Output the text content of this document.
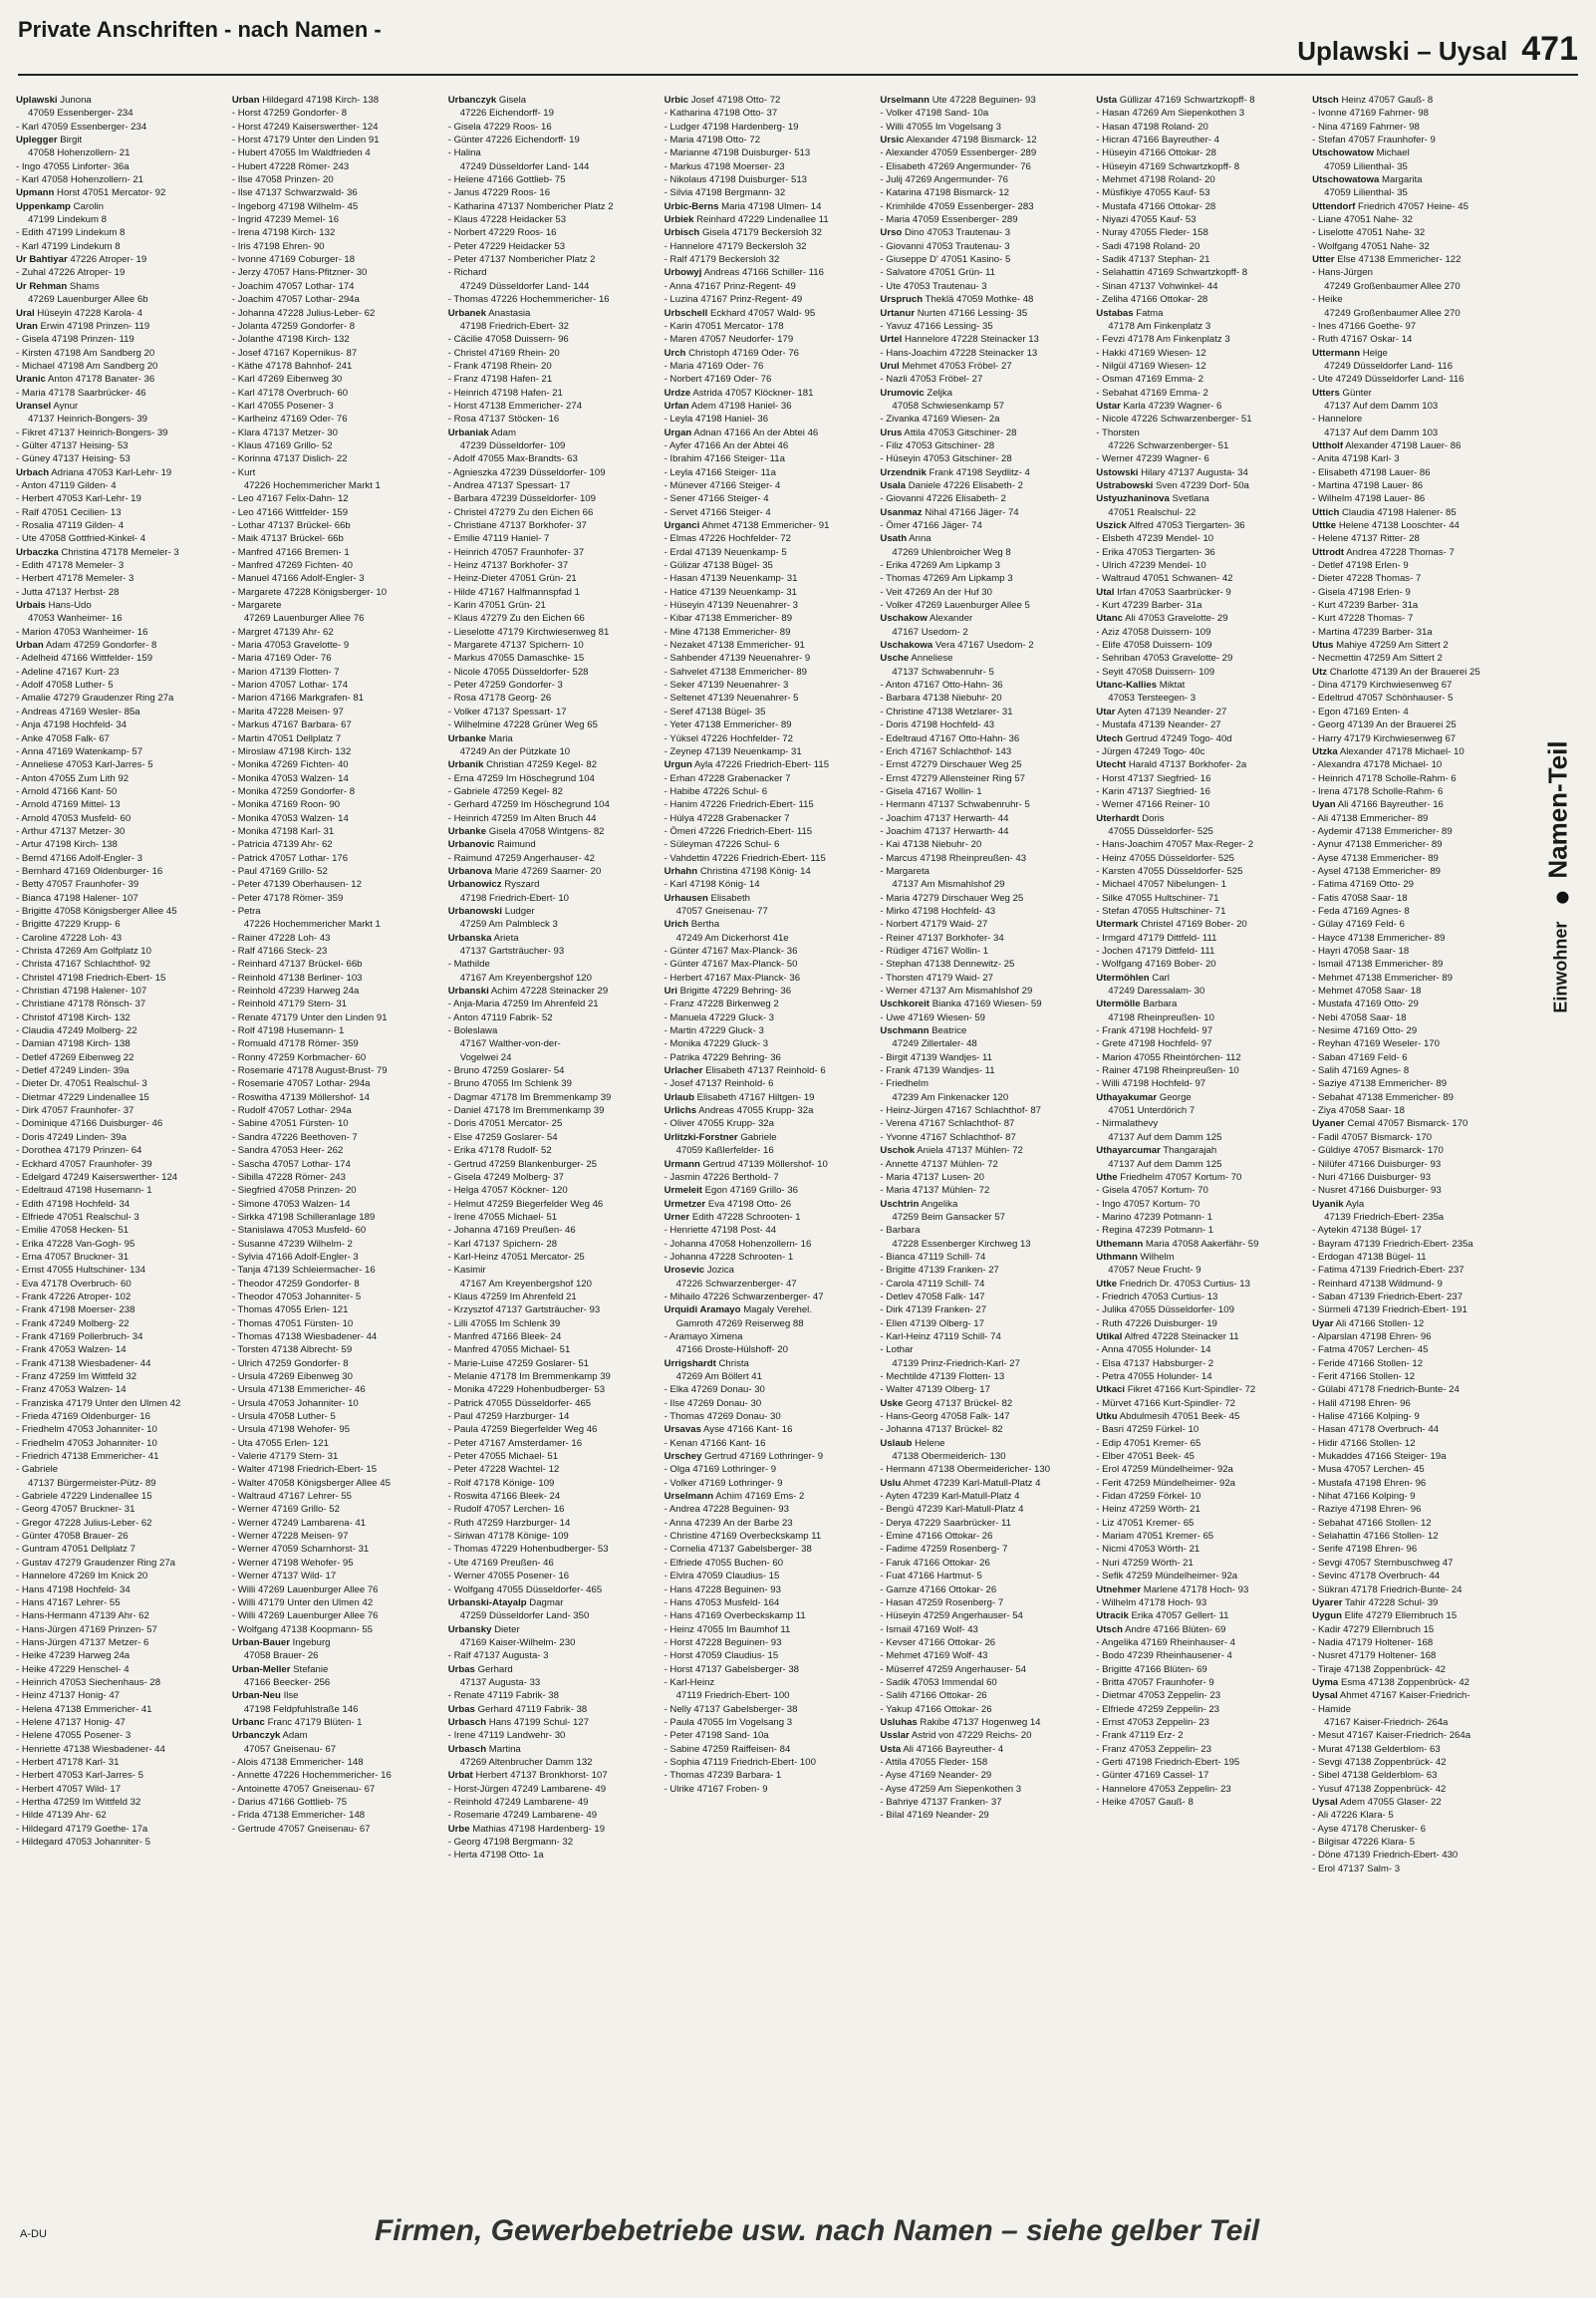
Private Anschriften - nach Namen -
Uplawski – Uysal 471
Uplawski Junona
47059 Essenberger- 234
- Karl 47059 Essenberger- 234
Uplegger Birgit
47058 Hohenzollern- 21
- Ingo 47055 Linforter- 36a
- Karl 47058 Hohenzollern- 21
Upmann Horst 47051 Mercator- 92
Uppenkamp Carolin
47199 Lindekum 8
- Edith 47199 Lindekum 8
- Karl 47199 Lindekum 8
Ur Bahtiyar 47226 Atroper- 19
- Zuhal 47226 Atroper- 19
Ur Rehman Shams
47269 Lauenburger Allee 6b
Ural Hüseyin 47228 Karola- 4
Uran Erwin 47198 Prinzen- 119
- Gisela 47198 Prinzen- 119
- Kirsten 47198 Am Sandberg 20
- Michael 47198 Am Sandberg 20
Uranic Anton 47178 Banater- 36
- Maria 47178 Saarbrücker- 46
Uransel Aynur
47137 Heinrich-Bongers- 39
- Fikret 47137 Heinrich-Bongers- 39
- Gülter 47137 Heising- 53
- Güney 47137 Heising- 53
Urbach Adriana 47053 Karl-Lehr- 19
- Anton 47119 Gilden- 4
- Herbert 47053 Karl-Lehr- 19
- Ralf 47051 Cecilien- 13
- Rosalia 47119 Gilden- 4
- Ute 47058 Gottfried-Kinkel- 4
Urbaczka Christina 47178 Memeler- 3
- Edith 47178 Memeler- 3
- Herbert 47178 Memeler- 3
- Jutta 47137 Herbst- 28
Urbais Hans-Udo
47053 Wanheimer- 16
- Marion 47053 Wanheimer- 16
Urban Adam 47259 Gondorfer- 8
- Adelheid 47166 Wittfelder- 159
- Adeline 47167 Kurt- 23
- Adolf 47058 Luther- 5
- Amalie 47279 Graudenzer Ring 27a
- Andreas 47169 Wesler- 85a
- Anja 47198 Hochfeld- 34
- Anke 47058 Falk- 67
- Anna 47169 Watenkamp- 57
- Anneliese 47053 Karl-Jarres- 5
- Anton 47055 Zum Lith 92
- Arnold 47166 Kant- 50
- Arnold 47169 Mittel- 13
- Arnold 47053 Musfeld- 60
- Arthur 47137 Metzer- 30
- Artur 47198 Kirch- 138
- Bernd 47166 Adolf-Engler- 3
- Bernhard 47169 Oldenburger- 16
- Betty 47057 Fraunhofer- 39
- Bianca 47198 Halener- 107
- Brigitte 47058 Königsberger Allee 45
- Brigitte 47229 Krupp- 6
- Caroline 47228 Loh- 43
- Christa 47269 Am Golfplatz 10
- Christa 47167 Schlachthof- 92
- Christel 47198 Friedrich-Ebert- 15
- Christian 47198 Halener- 107
- Christiane 47178 Rönsch- 37
- Christof 47198 Kirch- 132
- Claudia 47249 Molberg- 22
- Damian 47198 Kirch- 138
- Detlef 47269 Eibenweg 22
- Detlef 47249 Linden- 39a
- Dieter Dr. 47051 Realschul- 3
- Dietmar 47229 Lindenallee 15
- Dirk 47057 Fraunhofer- 37
- Dominique 47166 Duisburger- 46
- Doris 47249 Linden- 39a
- Dorothea 47179 Prinzen- 64
- Eckhard 47057 Fraunhofer- 39
- Edelgard 47249 Kaiserswerther- 124
- Edeltraud 47198 Husemann- 1
- Edith 47198 Hochfeld- 34
- Elfriede 47051 Realschul- 3
- Emilie 47058 Hecken- 51
- Erika 47228 Van-Gogh- 95
- Erna 47057 Bruckner- 31
- Ernst 47055 Hultschiner- 134
- Eva 47178 Overbruch- 60
- Frank 47226 Atroper- 102
- Frank 47198 Moerser- 238
- Frank 47249 Molberg- 22
- Frank 47169 Pollerbruch- 34
- Frank 47053 Walzen- 14
- Frank 47138 Wiesbadener- 44
- Franz 47259 Im Wittfeld 32
- Franz 47053 Walzen- 14
- Franziska 47179 Unter den Ulmen 42
- Frieda 47169 Oldenburger- 16
- Friedhelm 47053 Johanniter- 10
- Friedhelm 47053 Johanniter- 10
- Friedrich 47138 Emmericher- 41
- Gabriele
47137 Bürgermeister-Pütz- 89
- Gabriele 47229 Lindenallee 15
- Georg 47057 Bruckner- 31
- Gregor 47228 Julius-Leber- 62
- Günter 47058 Brauer- 26
- Guntram 47051 Dellplatz 7
- Gustav 47279 Graudenzer Ring 27a
- Hannelore 47269 Im Knick 20
- Hans 47198 Hochfeld- 34
- Hans 47167 Lehrer- 55
- Hans-Hermann 47139 Ahr- 62
- Hans-Jürgen 47169 Prinzen- 57
- Hans-Jürgen 47137 Metzer- 6
- Heike 47239 Harweg 24a
- Heike 47229 Henschel- 4
- Heinrich 47053 Siechenhaus- 28
- Heinz 47137 Honig- 47
- Helena 47138 Emmericher- 41
- Helene 47137 Honig- 47
- Helene 47055 Posener- 3
- Henriette 47138 Wiesbadener- 44
- Herbert 47178 Karl- 31
- Herbert 47053 Karl-Jarres- 5
- Herbert 47057 Wild- 17
- Hertha 47259 Im Wittfeld 32
- Hilde 47139 Ahr- 62
- Hildegard 47179 Goethe- 17a
- Hildegard 47053 Johanniter- 5
Urban Hildegard 47198 Kirch- 138
- Horst 47259 Gondorfer- 8
- Horst 47249 Kaiserswerther- 124
- Horst 47179 Unter den Linden 91
- Hubert 47055 Im Waldfrieden 4
- Hubert 47228 Römer- 243
- Ilse 47058 Prinzen- 20
- Ilse 47137 Schwarzwald- 36
- Ingeborg 47198 Wilhelm- 45
- Ingrid 47239 Memel- 16
- Irena 47198 Kirch- 132
- Iris 47198 Ehren- 90
- Ivonne 47169 Coburger- 18
- Jerzy 47057 Hans-Pfitzner- 30
- Joachim 47057 Lothar- 174
- Joachim 47057 Lothar- 294a
- Johanna 47228 Julius-Leber- 62
- Jolanta 47259 Gondorfer- 8
- Jolanthe 47198 Kirch- 132
- Josef 47167 Kopernikus- 87
- Käthe 47178 Bahnhof- 241
- Karl 47269 Eibenweg 30
- Karl 47178 Overbruch- 60
- Karl 47055 Posener- 3
- Karlheinz 47169 Oder- 76
- Klara 47137 Metzer- 30
- Klaus 47169 Grillo- 52
- Korinna 47137 Dislich- 22
- Kurt
47226 Hochemmericher Markt 1
- Leo 47167 Felix-Dahn- 12
- Leo 47166 Wittfelder- 159
- Lothar 47137 Brückel- 66b
- Maik 47137 Brückel- 66b
- Manfred 47166 Bremen- 1
- Manfred 47269 Fichten- 40
- Manuel 47166 Adolf-Engler- 3
- Margarete 47228 Königsberger- 10
- Margarete
47269 Lauenburger Allee 76
- Margret 47139 Ahr- 62
- Maria 47053 Gravelotte- 9
- Maria 47169 Oder- 76
- Marion 47139 Flotten- 7
- Marion 47057 Lothar- 174
- Marion 47166 Markgrafen- 81
- Marita 47228 Meisen- 97
- Markus 47167 Barbara- 67
- Martin 47051 Dellplatz 7
- Miroslaw 47198 Kirch- 132
- Monika 47269 Fichten- 40
- Monika 47053 Walzen- 14
- Monika 47259 Gondorfer- 8
- Monika 47169 Roon- 90
- Monika 47053 Walzen- 14
- Monika 47198 Karl- 31
- Patricia 47139 Ahr- 62
- Patrick 47057 Lothar- 176
- Paul 47169 Grillo- 52
- Peter 47139 Oberhausen- 12
- Peter 47178 Römer- 359
- Petra
47226 Hochemmericher Markt 1
- Rainer 47228 Loh- 43
- Ralf 47166 Steck- 23
- Reinhard 47137 Brückel- 66b
- Reinhold 47138 Berliner- 103
- Reinhold 47239 Harweg 24a
- Reinhold 47179 Stern- 31
- Renate 47179 Unter den Linden 91
- Rolf 47198 Husemann- 1
- Romuald 47178 Römer- 359
- Ronny 47259 Korbmacher- 60
- Rosemarie 47178 August-Brust- 79
- Rosemarie 47057 Lothar- 294a
- Roswitha 47139 Möllershof- 14
- Rudolf 47057 Lothar- 294a
- Sabine 47051 Fürsten- 10
- Sandra 47226 Beethoven- 7
- Sandra 47053 Heer- 262
- Sascha 47057 Lothar- 174
- Sibilla 47228 Römer- 243
- Siegfried 47058 Prinzen- 20
- Simone 47053 Walzen- 14
- Sirkka 47198 Schilleranlage 189
- Stanislawa 47053 Musfeld- 60
- Susanne 47239 Wilhelm- 2
- Sylvia 47166 Adolf-Engler- 3
- Tanja 47139 Schleiermacher- 16
- Theodor 47259 Gondorfer- 8
- Theodor 47053 Johanniter- 5
- Thomas 47055 Erlen- 121
- Thomas 47051 Fürsten- 10
- Thomas 47138 Wiesbadener- 44
- Torsten 47138 Albrecht- 59
- Ulrich 47259 Gondorfer- 8
- Ursula 47269 Eibenweg 30
- Ursula 47138 Emmericher- 46
- Ursula 47053 Johanniter- 10
- Ursula 47058 Luther- 5
- Ursula 47198 Wehofer- 95
- Uta 47055 Erlen- 121
- Valerie 47179 Stern- 31
- Walter 47198 Friedrich-Ebert- 15
- Walter 47058 Königsberger Allee 45
- Waltraud 47167 Lehrer- 55
- Werner 47169 Grillo- 52
- Werner 47249 Lambarena- 41
- Werner 47228 Meisen- 97
- Werner 47059 Scharnhorst- 31
- Werner 47198 Wehofer- 95
- Werner 47137 Wild- 17
- Willi 47269 Lauenburger Allee 76
- Willi 47179 Unter den Ulmen 42
- Willi 47269 Lauenburger Allee 76
- Wolfgang 47138 Koopmann- 55
Urban-Bauer Ingeburg
47058 Brauer- 26
Urban-Meller Stefanie
47166 Beecker- 256
Urban-Neu Ilse
47198 Feldpfuhlstraße 146
Urbanc Franc 47179 Blüten- 1
Urbanczyk Adam
47057 Gneisenau- 67
- Alois 47138 Emmericher- 148
- Annette 47226 Hochemmericher- 16
- Antoinette 47057 Gneisenau- 67
- Darius 47166 Gottlieb- 75
- Frida 47138 Emmericher- 148
- Gertrude 47057 Gneisenau- 67
Urbanczyk Gisela
47226 Eichendorff- 19
- Gisela 47229 Roos- 16
- Günter 47226 Eichendorff- 19
- Halina
47249 Düsseldorfer Land- 144
- Helene 47166 Gottlieb- 75
- Janus 47229 Roos- 16
- Katharina 47137 Nombericher Platz 2
- Klaus 47228 Heidacker 53
- Norbert 47229 Roos- 16
- Peter 47229 Heidacker 53
- Peter 47137 Nombericher Platz 2
- Richard
47249 Düsseldorfer Land- 144
- Thomas 47226 Hochemmericher- 16
Urbanek Anastasia
47198 Friedrich-Ebert- 32
- Cäcilie 47058 Duissern- 96
- Christel 47169 Rhein- 20
- Frank 47198 Rhein- 20
- Franz 47198 Hafen- 21
- Heinrich 47198 Hafen- 21
- Horst 47138 Emmericher- 274
- Rosa 47137 Stöcken- 16
Urbaniak Adam
47239 Düsseldorfer- 109
- Adolf 47055 Max-Brandts- 63
- Agnieszka 47239 Düsseldorfer- 109
- Andrea 47137 Spessart- 17
- Barbara 47239 Düsseldorfer- 109
- Christel 47279 Zu den Eichen 66
- Christiane 47137 Borkhofer- 37
- Emilie 47119 Haniel- 7
- Heinrich 47057 Fraunhofer- 37
- Heinz 47137 Borkhofer- 37
- Heinz-Dieter 47051 Grün- 21
- Hilde 47167 Halfmannspfad 1
- Karin 47051 Grün- 21
- Klaus 47279 Zu den Eichen 66
- Lieselotte 47179 Kirchwiesenweg 81
- Margarete 47137 Spichern- 10
- Markus 47055 Damaschke- 15
- Nicole 47055 Düsseldorfer- 528
- Peter 47259 Gondorfer- 3
- Rosa 47178 Georg- 26
- Volker 47137 Spessart- 17
- Wilhelmine 47228 Grüner Weg 65
Urbanke Maria
47249 An der Pützkate 10
Urbanik Christian 47259 Kegel- 82
- Erna 47259 Im Höschegrund 104
- Gabriele 47259 Kegel- 82
- Gerhard 47259 Im Höschegrund 104
- Heinrich 47259 Im Alten Bruch 44
Urbanke Gisela 47058 Wintgens- 82
Urbanovic Raimund
- Raimund 47259 Angerhauser- 42
Urbanova Marie 47269 Saarner- 20
Urbanowicz Ryszard
47198 Friedrich-Ebert- 10
Urbanowski Ludger
47259 Am Palmbleck 3
Urbanska Arieta
47137 Gartsträucher- 93
- Mathilde
47167 Am Kreyenbergshof 120
Urbanski Achim 47228 Steinacker 29
- Anja-Maria 47259 Im Ahrenfeld 21
- Anton 47119 Fabrik- 52
- Boleslawa
47167 Walther-von-der-
Vogelwei 24
- Bruno 47259 Goslarer- 54
- Bruno 47055 Im Schlenk 39
- Dagmar 47178 Im Bremmenkamp 39
- Daniel 47178 Im Bremmenkamp 39
- Doris 47051 Mercator- 25
- Else 47259 Goslarer- 54
- Erika 47178 Rudolf- 52
- Gertrud 47259 Blankenburger- 25
- Gisela 47249 Molberg- 37
- Helga 47057 Köckner- 120
- Helmut 47259 Biegerfelder Weg 46
- Irene 47055 Michael- 51
- Johanna 47169 Preußen- 46
- Karl 47137 Spichern- 28
- Karl-Heinz 47051 Mercator- 25
- Kasimir
47167 Am Kreyenbergshof 120
- Klaus 47259 Im Ahrenfeld 21
- Krzysztof 47137 Gartsträucher- 93
- Lilli 47055 Im Schlenk 39
- Manfred 47166 Bleek- 24
- Manfred 47055 Michael- 51
- Marie-Luise 47259 Goslarer- 51
- Melanie 47178 Im Bremmenkamp 39
- Monika 47229 Hohenbudberger- 53
- Patrick 47055 Düsseldorfer- 465
- Paul 47259 Harzburger- 14
- Paula 47259 Biegerfelder Weg 46
- Peter 47167 Amsterdamer- 16
- Peter 47055 Michael- 51
- Peter 47228 Wachtel- 12
- Rolf 47178 Könige- 109
- Roswita 47166 Bleek- 24
- Rudolf 47057 Lerchen- 16
- Ruth 47259 Harzburger- 14
- Siriwan 47178 Könige- 109
- Thomas 47229 Hohenbudberger- 53
- Ute 47169 Preußen- 46
- Werner 47055 Posener- 16
- Wolfgang 47055 Düsseldorfer- 465
Urbanski-Atayalp Dagmar
47259 Düsseldorfer Land- 350
Urbansky Dieter
47169 Kaiser-Wilhelm- 230
- Ralf 47137 Augusta- 3
Urbas Gerhard
47137 Augusta- 33
- Renate 47119 Fabrik- 38
Urbas Gerhard 47119 Fabrik- 38
Urbasch Hans 47199 Schul- 127
- Irene 47119 Landwehr- 30
Urbasch Martina
47269 Altenbrucher Damm 132
Urbat Herbert 47137 Bronkhorst- 107
- Horst-Jürgen 47249 Lambarene- 49
- Reinhold 47249 Lambarene- 49
- Rosemarie 47249 Lambarene- 49
Urbe Mathias 47198 Hardenberg- 19
- Georg 47198 Bergmann- 32
- Herta 47198 Otto- 1a
Urbic Josef 47198 Otto- 72
- Katharina 47198 Otto- 37
- Ludger 47198 Hardenberg- 19
- Maria 47198 Otto- 72
- Marianne 47198 Duisburger- 513
- Markus 47198 Moerser- 23
- Nikolaus 47198 Duisburger- 513
- Silvia 47198 Bergmann- 32
Urbic-Berns Maria 47198 Ulmen- 14
Urbiek Reinhard 47229 Lindenallee 11
Urbisch Gisela 47179 Beckersloh 32
- Hannelore 47179 Beckersloh 32
- Ralf 47179 Beckersloh 32
Urbowyj Andreas 47166 Schiller- 116
- Anna 47167 Prinz-Regent- 49
- Luzina 47167 Prinz-Regent- 49
Urbschell Eckhard 47057 Wald- 95
- Karin 47051 Mercator- 178
- Maren 47057 Neudorfer- 179
Urch Christoph 47169 Oder- 76
- Maria 47169 Oder- 76
- Norbert 47169 Oder- 76
Urdze Astrida 47057 Klöckner- 181
Urfan Adem 47198 Haniel- 36
- Leyla 47198 Haniel- 36
Urgan Adnan 47166 An der Abtei 46
- Ayfer 47166 An der Abtei 46
- Ibrahim 47166 Steiger- 11a
- Leyla 47166 Steiger- 11a
- Münever 47166 Steiger- 4
- Sener 47166 Steiger- 4
- Servet 47166 Steiger- 4
Urganci Ahmet 47138 Emmericher- 91
- Elmas 47226 Hochfelder- 72
- Erdal 47139 Neuenkamp- 5
- Gülizar 47138 Bügel- 35
- Hasan 47139 Neuenkamp- 31
- Hatice 47139 Neuenkamp- 31
- Hüseyin 47139 Neuenahrer- 3
- Kibar 47138 Emmericher- 89
- Mine 47138 Emmericher- 89
- Nezaket 47138 Emmericher- 91
- Sahbender 47139 Neuenahrer- 9
- Sahvelet 47138 Emmericher- 89
- Seker 47139 Neuenahrer- 3
- Seltenet 47139 Neuenahrer- 5
- Seref 47138 Bügel- 35
- Yeter 47138 Emmericher- 89
- Yüksel 47226 Hochfelder- 72
- Zeynep 47139 Neuenkamp- 31
Urgun Ayla 47226 Friedrich-Ebert- 115
- Erhan 47228 Grabenacker 7
- Habibe 47226 Schul- 6
- Hanim 47226 Friedrich-Ebert- 115
- Hülya 47228 Grabenacker 7
- Ömeri 47226 Friedrich-Ebert- 115
- Süleyman 47226 Schul- 6
- Vahdettin 47226 Friedrich-Ebert- 115
Urhahn Christina 47198 König- 14
- Karl 47198 König- 14
Urhausen Elisabeth
47057 Gneisenau- 77
Urich Bertha
47249 Am Dickerhorst 41e
- Günter 47167 Max-Planck- 36
- Günter 47167 Max-Planck- 50
- Herbert 47167 Max-Planck- 36
Uri Brigitte 47229 Behring- 36
- Franz 47228 Birkenweg 2
- Manuela 47229 Gluck- 3
- Martin 47229 Gluck- 3
- Monika 47229 Gluck- 3
- Patrika 47229 Behring- 36
Urlacher Elisabeth 47137 Reinhold- 6
- Josef 47137 Reinhold- 6
Urlaub Elisabeth 47167 Hiltgen- 19
Urlichs Andreas 47055 Krupp- 32a
- Oliver 47055 Krupp- 32a
Urlitzki-Forstner Gabriele
47059 Kaßlerfelder- 16
Urmann Gertrud 47139 Möllershof- 10
- Jasmin 47226 Berthold- 7
Urmeleit Egon 47169 Grillo- 36
Urmetzer Eva 47198 Otto- 26
Urner Edith 47228 Schrooten- 1
- Henriette 47198 Post- 44
- Johanna 47058 Hohenzollern- 16
- Johanna 47228 Schrooten- 1
Urosevic Jozica
47226 Schwarzenberger- 47
- Mihailo 47226 Schwarzenberger- 47
Urquidi Aramayo Magaly Verehel.
Gamroth 47269 Reiserweg 88
- Aramayo Ximena
47166 Droste-Hülshoff- 20
Urrigshardt Christa
47269 Am Böllert 41
- Elka 47269 Donau- 30
- Ilse 47269 Donau- 30
- Thomas 47269 Donau- 30
Ursavas Ayse 47166 Kant- 16
- Kenan 47166 Kant- 16
Urschey Gertrud 47169 Lothringer- 9
- Olga 47169 Lothringer- 9
- Volker 47169 Lothringer- 9
Urselmann Achim 47169 Ems- 2
- Andrea 47228 Beguinen- 93
- Anna 47239 An der Barbe 23
- Christine 47169 Overbeckskamp 11
- Cornelia 47137 Gabelsberger- 38
- Elfriede 47055 Buchen- 60
- Elvira 47059 Claudius- 15
- Hans 47228 Beguinen- 93
- Hans 47053 Musfeld- 164
- Hans 47169 Overbeckskamp 11
- Heinz 47055 Im Baumhof 11
- Horst 47228 Beguinen- 93
- Horst 47059 Claudius- 15
- Horst 47137 Gabelsberger- 38
- Karl-Heinz
47119 Friedrich-Ebert- 100
- Nelly 47137 Gabelsberger- 38
- Paula 47055 Im Vogelsang 3
- Peter 47198 Sand- 10a
- Sabine 47259 Raiffeisen- 84
- Sophia 47119 Friedrich-Ebert- 100
- Thomas 47239 Barbara- 1
- Ulrike 47167 Froben- 9
Urselmann Ute 47228 Beguinen- 93
- Volker 47198 Sand- 10a
- Willi 47055 Im Vogelsang 3
Ursic Alexander 47198 Bismarck- 12
- Alexander 47059 Essenberger- 289
- Elisabeth 47269 Angermunder- 76
- Julij 47269 Angermunder- 76
- Katarina 47198 Bismarck- 12
- Krimhilde 47059 Essenberger- 283
- Maria 47059 Essenberger- 289
Urso Dino 47053 Trautenau- 3
- Giovanni 47053 Trautenau- 3
- Giuseppe D' 47051 Kasino- 5
- Salvatore 47051 Grün- 11
- Ute 47053 Trautenau- 3
Urspruch Theklä 47059 Mothke- 48
Urtanur Nurten 47166 Lessing- 35
- Yavuz 47166 Lessing- 35
Urtel Hannelore 47228 Steinacker 13
- Hans-Joachim 47228 Steinacker 13
Urul Mehmet 47053 Fröbel- 27
- Nazli 47053 Fröbel- 27
Urumovic Zeljka
47058 Schwiesenkamp 57
- Zivanka 47169 Wiesen- 2a
Urus Attila 47053 Gitschiner- 28
- Filiz 47053 Gitschiner- 28
- Hüseyin 47053 Gitschiner- 28
Urzendnik Frank 47198 Seydlitz- 4
Usala Daniele 47226 Elisabeth- 2
- Giovanni 47226 Elisabeth- 2
Usanmaz Nihal 47166 Jäger- 74
- Ömer 47166 Jäger- 74
Usath Anna
47269 Uhlenbroicher Weg 8
- Erika 47269 Am Lipkamp 3
- Thomas 47269 Am Lipkamp 3
- Veit 47269 An der Huf 30
- Volker 47269 Lauenburger Allee 5
Uschakow Alexander
47167 Usedom- 2
Uschakowa Vera 47167 Usedom- 2
Usche Anneliese
47137 Schwabenruhr- 5
- Anton 47167 Otto-Hahn- 36
- Barbara 47138 Niebuhr- 20
- Christine 47138 Wetzlarer- 31
- Doris 47198 Hochfeld- 43
- Edeltraud 47167 Otto-Hahn- 36
- Erich 47167 Schlachthof- 143
- Ernst 47279 Dirschauer Weg 25
- Ernst 47279 Allensteiner Ring 57
- Gisela 47167 Wollin- 1
- Hermann 47137 Schwabenruhr- 5
- Joachim 47137 Herwarth- 44
- Joachim 47137 Herwarth- 44
- Kai 47138 Niebuhr- 20
- Marcus 47198 Rheinpreußen- 43
- Margareta
47137 Am Mismahlshof 29
- Maria 47279 Dirschauer Weg 25
- Mirko 47198 Hochfeld- 43
- Norbert 47179 Waid- 27
- Reiner 47137 Borkhofer- 34
- Rüdiger 47167 Wollin- 1
- Stephan 47138 Dennewitz- 25
- Thorsten 47179 Waid- 27
- Werner 47137 Am Mismahlshof 29
Uschkoreit Bianka 47169 Wiesen- 59
- Uwe 47169 Wiesen- 59
Uschmann Beatrice
47249 Zillertaler- 48
- Birgit 47139 Wandjes- 11
- Frank 47139 Wandjes- 11
- Friedhelm
47239 Am Finkenacker 120
- Heinz-Jürgen 47167 Schlachthof- 87
- Verena 47167 Schlachthof- 87
- Yvonne 47167 Schlachthof- 87
Uschok Aniela 47137 Mühlen- 72
- Annette 47137 Mühlen- 72
- Maria 47137 Lusen- 20
- Maria 47137 Mühlen- 72
Uschtrin Angelika
47259 Beim Gansacker 57
- Barbara
47228 Essenberger Kirchweg 13
- Bianca 47119 Schill- 74
- Brigitte 47139 Franken- 27
- Carola 47119 Schill- 74
- Detlev 47058 Falk- 147
- Dirk 47139 Franken- 27
- Ellen 47139 Olberg- 17
- Karl-Heinz 47119 Schill- 74
- Lothar
47139 Prinz-Friedrich-Karl- 27
- Mechtilde 47139 Flotten- 13
- Walter 47139 Olberg- 17
Uske Georg 47137 Brückel- 82
- Hans-Georg 47058 Falk- 147
- Johanna 47137 Brückel- 82
Uslaub Helene
47138 Obermeiderich- 130
- Hermann 47138 Obermeidericher- 130
Uslu Ahmet 47239 Karl-Matull-Platz 4
- Ayten 47239 Karl-Matull-Platz 4
- Bengü 47239 Karl-Matull-Platz 4
- Derya 47229 Saarbrücker- 11
- Emine 47166 Ottokar- 26
- Fadime 47259 Rosenberg- 7
- Faruk 47166 Ottokar- 26
- Fuat 47166 Hartmut- 5
- Gamze 47166 Ottokar- 26
- Hasan 47259 Rosenberg- 7
- Hüseyin 47259 Angerhauser- 54
- Ismail 47169 Wolf- 43
- Kevser 47166 Ottokar- 26
- Mehmet 47169 Wolf- 43
- Müserref 47259 Angerhauser- 54
- Sadik 47053 Immendal 60
- Salih 47166 Ottokar- 26
- Yakup 47166 Ottokar- 26
Usluhas Rakibe 47137 Hogenweg 14
Usslar Astrid von 47229 Reichs- 20
Usta Ali 47166 Bayreuther- 4
- Attila 47055 Fleder- 158
- Ayse 47169 Neander- 29
- Ayse 47259 Am Siepenkothen 3
- Bahriye 47137 Franken- 37
- Bilal 47169 Neander- 29
Usta Güllizar 47169 Schwartzkopff- 8
- Hasan 47269 Am Siepenkothen 3
- Hasan 47198 Roland- 20
- Hicran 47166 Bayreuther- 4
- Hüseyin 47166 Ottokar- 28
- Hüseyin 47169 Schwartzkopff- 8
- Mehmet 47198 Roland- 20
- Müsfikiye 47055 Kauf- 53
- Mustafa 47166 Ottokar- 28
- Niyazi 47055 Kauf- 53
- Nuray 47055 Fleder- 158
- Sadi 47198 Roland- 20
- Sadik 47137 Stephan- 21
- Selahattin 47169 Schwartzkopff- 8
- Sinan 47137 Vohwinkel- 44
- Zeliha 47166 Ottokar- 28
Ustabas Fatma
47178 Am Finkenplatz 3
- Fevzi 47178 Am Finkenplatz 3
- Hakki 47169 Wiesen- 12
- Nilgül 47169 Wiesen- 12
- Osman 47169 Emma- 2
- Sebahat 47169 Emma- 2
Ustar Karla 47239 Wagner- 6
- Nicole 47226 Schwarzenberger- 51
- Thorsten
47226 Schwarzenberger- 51
- Werner 47239 Wagner- 6
Ustowski Hilary 47137 Augusta- 34
Ustrabowski Sven 47239 Dorf- 50a
Ustyuzhaninova Svetlana
47051 Realschul- 22
Uszick Alfred 47053 Tiergarten- 36
- Elsbeth 47239 Mendel- 10
- Erika 47053 Tiergarten- 36
- Ulrich 47239 Mendel- 10
- Waltraud 47051 Schwanen- 42
Utal Irfan 47053 Saarbrücker- 9
- Kurt 47239 Barber- 31a
Utanc Ali 47053 Gravelotte- 29
- Aziz 47058 Duissern- 109
- Elife 47058 Duissern- 109
- Sehriban 47053 Gravelotte- 29
- Seyit 47058 Duissern- 109
Utanc-Kallies Miktat
47053 Tersteegen- 3
Utar Ayten 47139 Neander- 27
- Mustafa 47139 Neander- 27
Utech Gertrud 47249 Togo- 40d
- Jürgen 47249 Togo- 40c
Utecht Harald 47137 Borkhofer- 2a
- Horst 47137 Siegfried- 16
- Karin 47137 Siegfried- 16
- Werner 47166 Reiner- 10
Uterhardt Doris
47055 Düsseldorfer- 525
- Hans-Joachim 47057 Max-Reger- 2
- Heinz 47055 Düsseldorfer- 525
- Karsten 47055 Düsseldorfer- 525
- Michael 47057 Nibelungen- 1
- Silke 47055 Hultschiner- 71
- Stefan 47055 Hultschiner- 71
Utermark Christel 47169 Bober- 20
- Irmgard 47179 Dittfeld- 111
- Jochen 47179 Dittfeld- 111
- Wolfgang 47169 Bober- 20
Utermöhlen Carl
47249 Daressalam- 30
Utermölle Barbara
47198 Rheinpreußen- 10
- Frank 47198 Hochfeld- 97
- Grete 47198 Hochfeld- 97
- Marion 47055 Rheintörchen- 112
- Rainer 47198 Rheinpreußen- 10
- Willi 47198 Hochfeld- 97
Uthayakumar George
47051 Unterdörich 7
- Nirmalathevy
47137 Auf dem Damm 125
Uthayarcumar Thangarajah
47137 Auf dem Damm 125
Uthe Friedhelm 47057 Kortum- 70
- Gisela 47057 Kortum- 70
- Ingo 47057 Kortum- 70
- Marino 47239 Potmann- 1
- Regina 47239 Potmann- 1
Uthemann Maria 47058 Aakerfähr- 59
Uthmann Wilhelm
47057 Neue Frucht- 9
Utke Friedrich Dr. 47053 Curtius- 13
- Friedrich 47053 Curtius- 13
- Julika 47055 Düsseldorfer- 109
- Ruth 47226 Duisburger- 19
Utikal Alfred 47228 Steinacker 11
- Anna 47055 Holunder- 14
- Elsa 47137 Habsburger- 2
- Petra 47055 Holunder- 14
Utkaci Fikret 47166 Kurt-Spindler- 72
- Mürvet 47166 Kurt-Spindler- 72
Utku Abdulmesih 47051 Beek- 45
- Basri 47259 Fürkel- 10
- Edip 47051 Kremer- 65
- Elber 47051 Beek- 45
- Erol 47259 Mündelheimer- 92a
- Ferit 47259 Mündelheimer- 92a
- Fidan 47259 Förkel- 10
- Heinz 47259 Wörth- 21
- Liz 47051 Kremer- 65
- Mariam 47051 Kremer- 65
- Nicmi 47053 Wörth- 21
- Nuri 47259 Wörth- 21
- Sefik 47259 Mündelheimer- 92a
Utnehmer Marlene 47178 Hoch- 93
- Wilhelm 47178 Hoch- 93
Utracik Erika 47057 Gellert- 11
Utsch Andre 47166 Blüten- 69
- Angelika 47169 Rheinhauser- 4
- Bodo 47239 Rheinhausener- 4
- Brigitte 47166 Blüten- 69
- Britta 47057 Fraunhofer- 9
- Dietmar 47053 Zeppelin- 23
- Elfriede 47259 Zeppelin- 23
- Ernst 47053 Zeppelin- 23
- Frank 47119 Erz- 2
- Franz 47053 Zeppelin- 23
- Gerti 47198 Friedrich-Ebert- 195
- Günter 47169 Cassel- 17
- Hannelore 47053 Zeppelin- 23
- Heike 47057 Gauß- 8
Utsch Heinz 47057 Gauß- 8
- Ivonne 47169 Fahrner- 98
- Nina 47169 Fahrner- 98
- Stefan 47057 Fraunhofer- 9
Utschowatow Michael
47059 Lilienthal- 35
Utschowatowa Margarita
47059 Lilienthal- 35
Uttendorf Friedrich 47057 Heine- 45
- Liane 47051 Nahe- 32
- Liselotte 47051 Nahe- 32
- Wolfgang 47051 Nahe- 32
Utter Else 47138 Emmericher- 122
- Hans-Jürgen
47249 Großenbaumer Allee 270
- Heike
47249 Großenbaumer Allee 270
- Ines 47166 Goethe- 97
- Ruth 47167 Oskar- 14
Uttermann Helge
47249 Düsseldorfer Land- 116
- Ute 47249 Düsseldorfer Land- 116
Utters Günter
47137 Auf dem Damm 103
- Hannelore
47137 Auf dem Damm 103
Uttholf Alexander 47198 Lauer- 86
- Anita 47198 Karl- 3
- Elisabeth 47198 Lauer- 86
- Martina 47198 Lauer- 86
- Wilhelm 47198 Lauer- 86
Uttich Claudia 47198 Halener- 85
Uttke Helene 47138 Looschter- 44
- Helene 47137 Ritter- 28
Uttrodt Andrea 47228 Thomas- 7
- Detlef 47198 Erlen- 9
- Dieter 47228 Thomas- 7
- Gisela 47198 Erlen- 9
- Kurt 47239 Barber- 31a
- Kurt 47228 Thomas- 7
- Martina 47239 Barber- 31a
Utus Mahiye 47259 Am Sittert 2
- Necmettin 47259 Am Sittert 2
Utz Charlotte 47139 An der Brauerei 25
- Dina 47179 Kirchwiesenweg 67
- Edeltrud 47057 Schönhauser- 5
- Egon 47169 Enten- 4
- Georg 47139 An der Brauerei 25
- Harry 47179 Kirchwiesenweg 67
Utzka Alexander 47178 Michael- 10
- Alexandra 47178 Michael- 10
- Heinrich 47178 Scholle-Rahm- 6
- Irena 47178 Scholle-Rahm- 6
Uyan Ali 47166 Bayreuther- 16
- Ali 47138 Emmericher- 89
- Aydemir 47138 Emmericher- 89
- Aynur 47138 Emmericher- 89
- Ayse 47138 Emmericher- 89
- Aysel 47138 Emmericher- 89
- Fatima 47169 Otto- 29
- Fatis 47058 Saar- 18
- Feda 47169 Agnes- 8
- Gülay 47169 Feld- 6
- Hayce 47138 Emmericher- 89
- Hayri 47058 Saar- 18
- Ismail 47138 Emmericher- 89
- Mehmet 47138 Emmericher- 89
- Mehmet 47058 Saar- 18
- Mustafa 47169 Otto- 29
- Nebi 47058 Saar- 18
- Nesime 47169 Otto- 29
- Reyhan 47169 Weseler- 170
- Saban 47169 Feld- 6
- Salih 47169 Agnes- 8
- Saziye 47138 Emmericher- 89
- Sebahat 47138 Emmericher- 89
- Ziya 47058 Saar- 18
Uyaner Cemal 47057 Bismarck- 170
- Fadil 47057 Bismarck- 170
- Güldiye 47057 Bismarck- 170
- Nilüfer 47166 Duisburger- 93
- Nuri 47166 Duisburger- 93
- Nusret 47166 Duisburger- 93
Uyanik Ayla
47139 Friedrich-Ebert- 235a
- Aytekin 47138 Bügel- 17
- Bayram 47139 Friedrich-Ebert- 235a
- Erdogan 47138 Bügel- 11
- Fatima 47139 Friedrich-Ebert- 237
- Reinhard 47138 Wildmund- 9
- Saban 47139 Friedrich-Ebert- 237
- Sürmeli 47139 Friedrich-Ebert- 191
Uyar Ali 47166 Stollen- 12
- Alparslan 47198 Ehren- 96
- Fatma 47057 Lerchen- 45
- Feride 47166 Stollen- 12
- Ferit 47166 Stollen- 12
- Gülabi 47178 Friedrich-Bunte- 24
- Halil 47198 Ehren- 96
- Halise 47166 Kolping- 9
- Hasan 47178 Overbruch- 44
- Hidir 47166 Stollen- 12
- Mukaddes 47166 Steiger- 19a
- Musa 47057 Lerchen- 45
- Mustafa 47198 Ehren- 96
- Nihat 47166 Kolping- 9
- Raziye 47198 Ehren- 96
- Sebahat 47166 Stollen- 12
- Selahattin 47166 Stollen- 12
- Serife 47198 Ehren- 96
- Sevgi 47057 Sternbuschweg 47
- Sevinc 47178 Overbruch- 44
- Sükran 47178 Friedrich-Bunte- 24
Uyarer Tahir 47228 Schul- 39
Uygun Elife 47279 Ellernbruch 15
- Kadir 47279 Ellernbruch 15
- Nadia 47179 Holtener- 168
- Nusret 47179 Holtener- 168
- Tiraje 47138 Zoppenbrück- 42
Uyma Esma 47138 Zoppenbrück- 42
Uysal Ahmet 47167 Kaiser-Friedrich-
- Hamide
47167 Kaiser-Friedrich- 264a
- Mesut 47167 Kaiser-Friedrich- 264a
- Murat 47138 Gelderblom- 63
- Sevgi 47138 Zoppenbrück- 42
- Sibel 47138 Gelderblom- 63
- Yusuf 47138 Zoppenbrück- 42
Uysal Adem 47055 Glaser- 22
- Ali 47226 Klara- 5
- Ayse 47178 Cherusker- 6
- Bilgisar 47226 Klara- 5
- Döne 47139 Friedrich-Ebert- 430
- Erol 47137 Salm- 3
Einwohner  Namen-Teil
A-DU	Firmen, Gewerbebetriebe usw. nach Namen – siehe gelber Teil
